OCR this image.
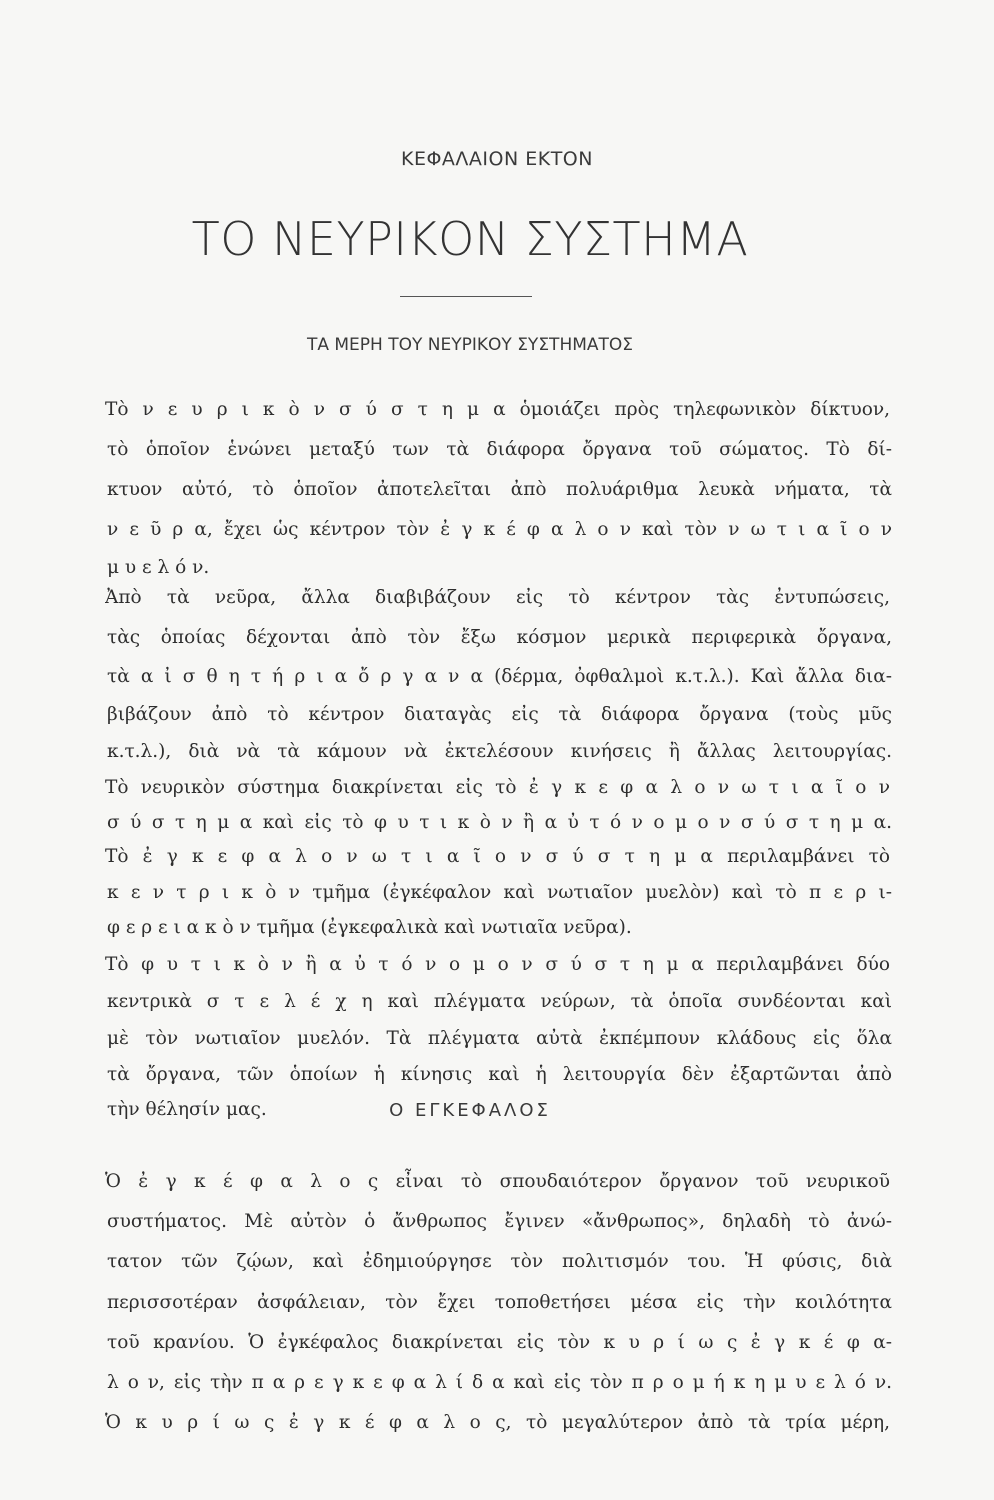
ΚΕΦΑΛΑΙΟΝ ΕΚΤΟΝ
ΤΟ ΝΕΥΡΙΚΟΝ ΣΥΣΤΗΜΑ
ΤΑ ΜΕΡΗ ΤΟΥ ΝΕΥΡΙΚΟΥ ΣΥΣΤΗΜΑΤΟΣ
Τὸ ν ε υ ρ ι κ ὸ ν σ ύ σ τ η μ α ὁμοιάζει πρὸς τηλεφωνικὸν δίκτυον,
τὸ ὁποῖον ἑνώνει μεταξύ των τὰ διάφορα ὄργανα τοῦ σώματος. Τὸ δί-
κτυον αὐτό, τὸ ὁποῖον ἀποτελεῖται ἀπὸ πολυάριθμα λευκὰ νήματα, τὰ
ν ε ῦ ρ α, ἔχει ὡς κέντρον τὸν ἐ γ κ έ φ α λ ο ν καὶ τὸν ν ω τ ι α ῖ ο ν
μ υ ε λ ό ν.
Ἀπὸ τὰ νεῦρα, ἄλλα διαβιβάζουν εἰς τὸ κέντρον τὰς ἐντυπώσεις,
τὰς ὁποίας δέχονται ἀπὸ τὸν ἔξω κόσμον μερικὰ περιφερικὰ ὄργανα,
τὰ α ἰ σ θ η τ ή ρ ι α ὄ ρ γ α ν α (δέρμα, ὀφθαλμοὶ κ.τ.λ.). Καὶ ἄλλα δια-
βιβάζουν ἀπὸ τὸ κέντρον διαταγὰς εἰς τὰ διάφορα ὄργανα (τοὺς μῦς
κ.τ.λ.), διὰ νὰ τὰ κάμουν νὰ ἐκτελέσουν κινήσεις ἢ ἄλλας λειτουργίας.
Τὸ νευρικὸν σύστημα διακρίνεται εἰς τὸ ἐ γ κ ε φ α λ ο ν ω τ ι α ῖ ο ν
σ ύ σ τ η μ α καὶ εἰς τὸ φ υ τ ι κ ὸ ν ἢ α ὐ τ ό ν ο μ ο ν σ ύ σ τ η μ α.
Τὸ ἐ γ κ ε φ α λ ο ν ω τ ι α ῖ ο ν σ ύ σ τ η μ α περιλαμβάνει τὸ
κ ε ν τ ρ ι κ ὸ ν τμῆμα (ἐγκέφαλον καὶ νωτιαῖον μυελὸν) καὶ τὸ π ε ρ ι-
φ ε ρ ε ι α κ ὸ ν τμῆμα (ἐγκεφαλικὰ καὶ νωτιαῖα νεῦρα).
Τὸ φ υ τ ι κ ὸ ν ἢ α ὐ τ ό ν ο μ ο ν σ ύ σ τ η μ α περιλαμβάνει δύο
κεντρικὰ σ τ ε λ έ χ η καὶ πλέγματα νεύρων, τὰ ὁποῖα συνδέονται καὶ
μὲ τὸν νωτιαῖον μυελόν. Τὰ πλέγματα αὐτὰ ἐκπέμπουν κλάδους εἰς ὅλα
τὰ ὄργανα, τῶν ὁποίων ἡ κίνησις καὶ ἡ λειτουργία δὲν ἐξαρτῶνται ἀπὸ
τὴν θέλησίν μας.	Ο ΕΓΚΕΦΑΛΟΣ
Ὁ ἐ γ κ έ φ α λ ο ς εἶναι τὸ σπουδαιότερον ὄργανον τοῦ νευρικοῦ
συστήματος. Μὲ αὐτὸν ὁ ἄνθρωπος ἔγινεν «ἄνθρωπος», δηλαδὴ τὸ ἀνώ-
τατον τῶν ζῴων, καὶ ἐδημιούργησε τὸν πολιτισμόν του. Ἡ φύσις, διὰ
περισσοτέραν ἀσφάλειαν, τὸν ἔχει τοποθετήσει μέσα εἰς τὴν κοιλότητα
τοῦ κρανίου. Ὁ ἐγκέφαλος διακρίνεται εἰς τὸν κ υ ρ ί ω ς ἐ γ κ έ φ α-
λ ο ν, εἰς τὴν π α ρ ε γ κ ε φ α λ ί δ α καὶ εἰς τὸν π ρ ο μ ή κ η μ υ ε λ ό ν.
Ὁ κ υ ρ ί ω ς ἐ γ κ έ φ α λ ο ς, τὸ μεγαλύτερον ἀπὸ τὰ τρία μέρη,
